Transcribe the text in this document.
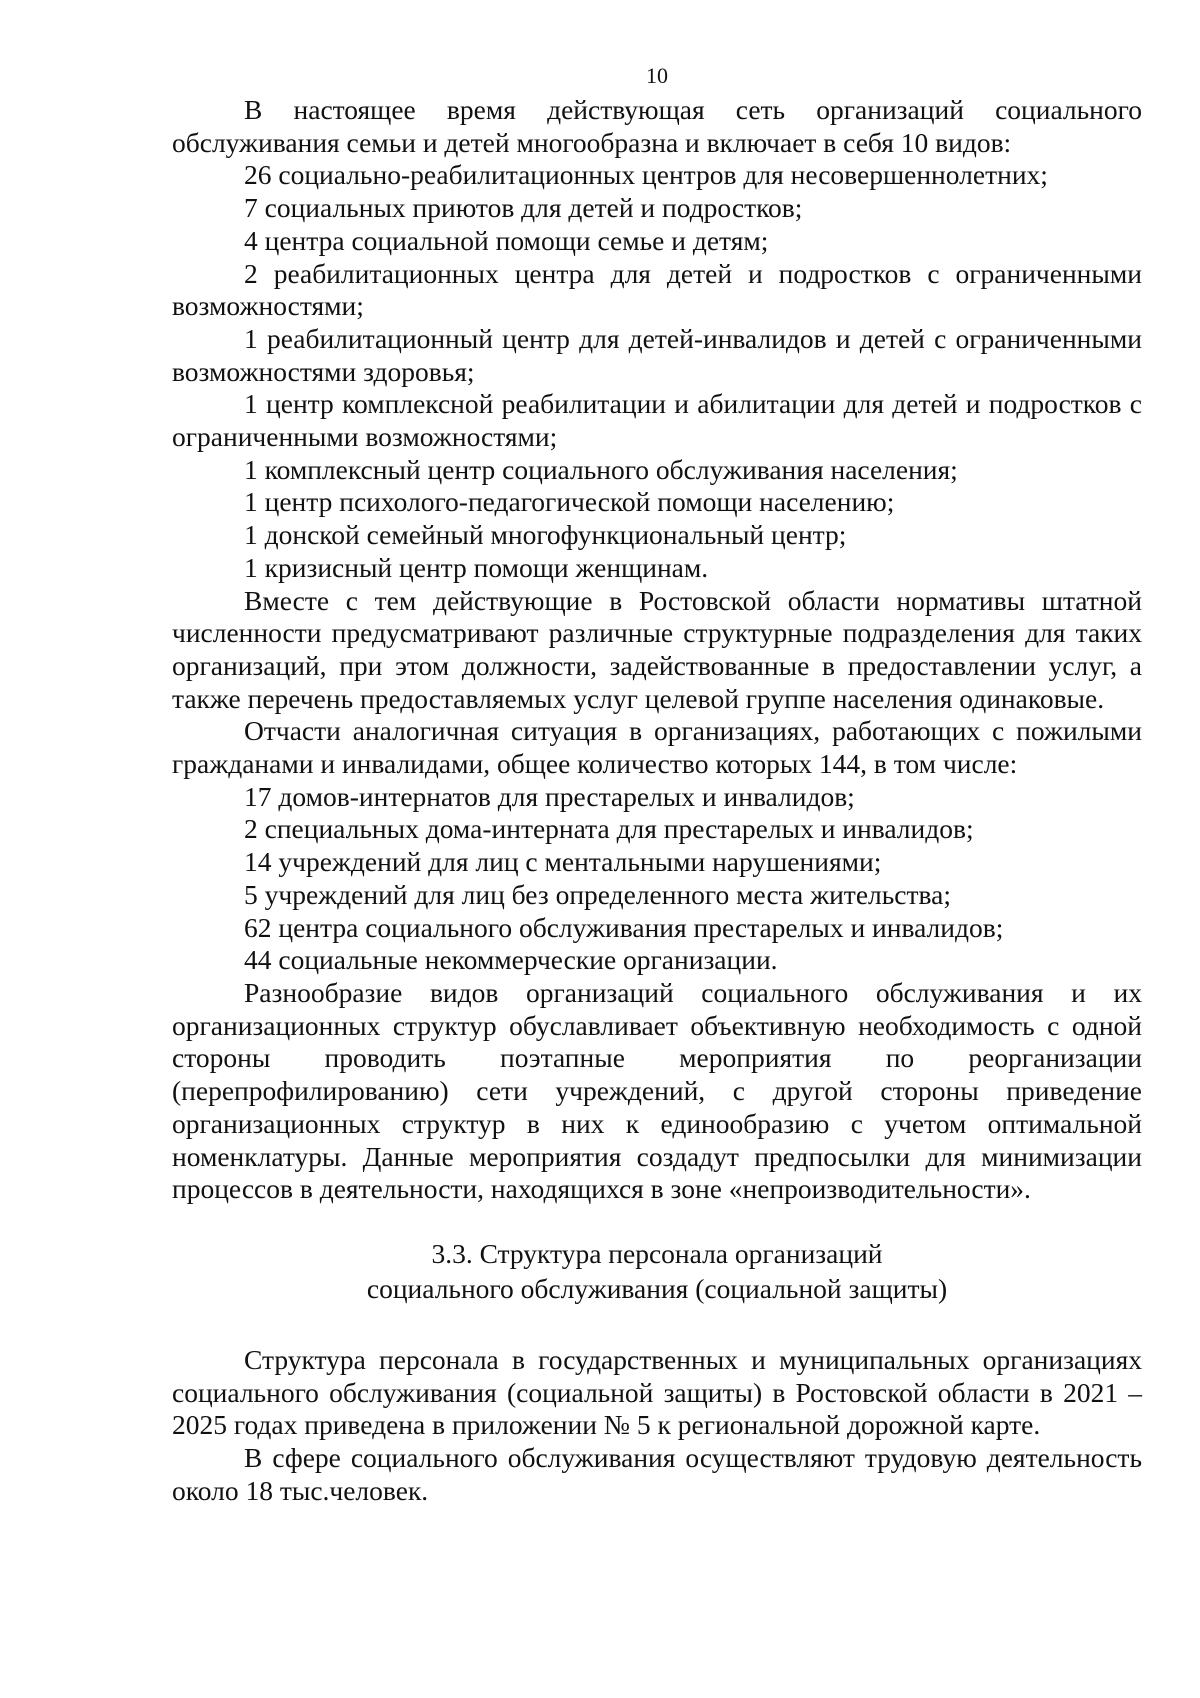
10

В настоящее время действующая сеть организаций социального обслуживания семьи и детей многообразна и включает в себя 10 видов:

26 социально-реабилитационных центров для несовершеннолетних;

7 социальных приютов для детей и подростков;

4 центра социальной помощи семье и детям;

2 реабилитационных центра для детей и подростков с ограниченными возможностями;

1 реабилитационный центр для детей-инвалидов и детей с ограниченными возможностями здоровья;

1 центр комплексной реабилитации и абилитации для детей и подростков с ограниченными возможностями;

1 комплексный центр социального обслуживания населения;

1 центр психолого-педагогической помощи населению;

1 донской семейный многофункциональный центр;

1 кризисный центр помощи женщинам.

Вместе с тем действующие в Ростовской области нормативы штатной численности предусматривают различные структурные подразделения для таких организаций, при этом должности, задействованные в предоставлении услуг, а также перечень предоставляемых услуг целевой группе населения одинаковые.

Отчасти аналогичная ситуация в организациях, работающих с пожилыми гражданами и инвалидами, общее количество которых 144, в том числе:

17 домов-интернатов для престарелых и инвалидов;

2 специальных дома-интерната для престарелых и инвалидов;

14 учреждений для лиц с ментальными нарушениями;

5 учреждений для лиц без определенного места жительства;

62 центра социального обслуживания престарелых и инвалидов;

44 социальные некоммерческие организации.

Разнообразие видов организаций социального обслуживания и их организационных структур обуславливает объективную необходимость с одной стороны проводить поэтапные мероприятия по реорганизации (перепрофилированию) сети учреждений, с другой стороны приведение организационных структур в них к единообразию с учетом оптимальной номенклатуры. Данные мероприятия создадут предпосылки для минимизации процессов в деятельности, находящихся в зоне «непроизводительности».

3.3. Структура персонала организаций
социального обслуживания (социальной защиты)

Структура персонала в государственных и муниципальных организациях социального обслуживания (социальной защиты) в Ростовской области в 2021 – 2025 годах приведена в приложении № 5 к региональной дорожной карте.

В сфере социального обслуживания осуществляют трудовую деятельность около 18 тыс.человек.
